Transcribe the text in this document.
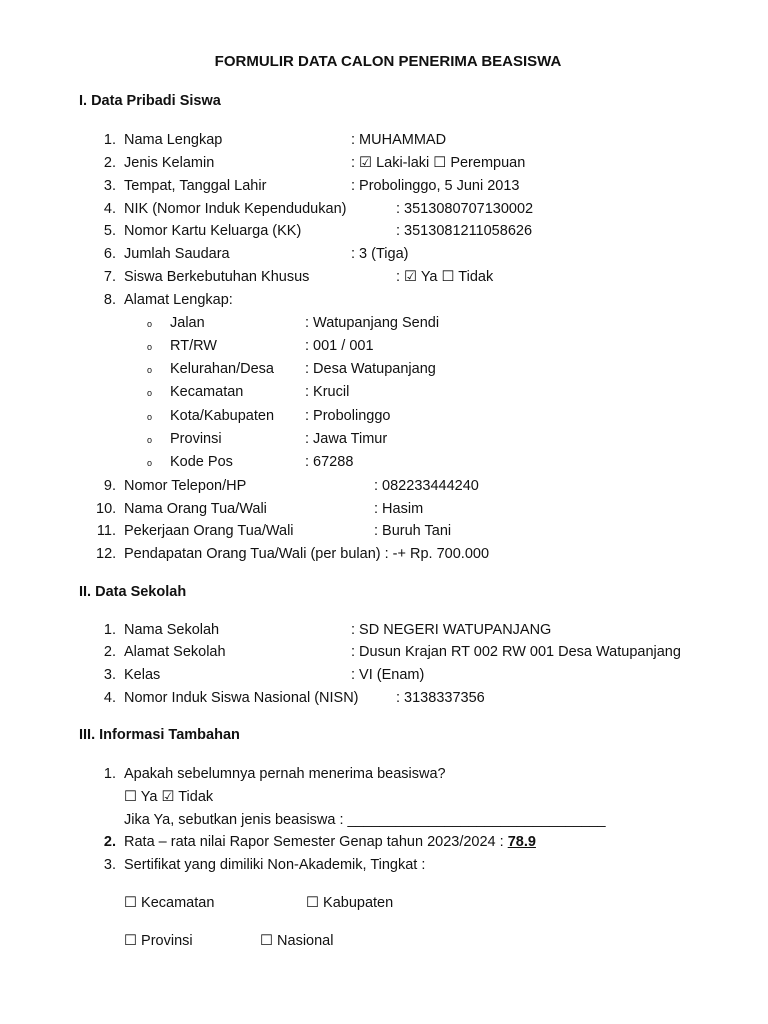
FORMULIR DATA CALON PENERIMA BEASISWA
I. Data Pribadi Siswa
1. Nama Lengkap	: MUHAMMAD
2. Jenis Kelamin	: ☑ Laki-laki ☐ Perempuan
3. Tempat, Tanggal Lahir	: Probolinggo, 5 Juni 2013
4. NIK (Nomor Induk Kependudukan)	: 3513080707130002
5. Nomor Kartu Keluarga (KK)	: 3513081211058626
6. Jumlah Saudara	: 3 (Tiga)
7. Siswa Berkebutuhan Khusus	: ☑ Ya ☐ Tidak
8. Alamat Lengkap:
o Jalan	: Watupanjang Sendi
o RT/RW	: 001 / 001
o Kelurahan/Desa : Desa Watupanjang
o Kecamatan	: Krucil
o Kota/Kabupaten : Probolinggo
o Provinsi	: Jawa Timur
o Kode Pos	: 67288
9. Nomor Telepon/HP	: 082233444240
10. Nama Orang Tua/Wali	: Hasim
11. Pekerjaan Orang Tua/Wali	: Buruh Tani
12. Pendapatan Orang Tua/Wali (per bulan) : -+ Rp. 700.000
II. Data Sekolah
1. Nama Sekolah	: SD NEGERI WATUPANJANG
2. Alamat Sekolah	: Dusun Krajan RT 002 RW 001 Desa Watupanjang
3. Kelas	: VI (Enam)
4. Nomor Induk Siswa Nasional (NISN)	: 3138337356
III. Informasi Tambahan
1. Apakah sebelumnya pernah menerima beasiswa?
☐ Ya ☑ Tidak
Jika Ya, sebutkan jenis beasiswa : ________________________________
2. Rata – rata nilai Rapor Semester Genap tahun 2023/2024 : 78.9
3. Sertifikat yang dimiliki Non-Akademik, Tingkat :
☐ Kecamatan	☐ Kabupaten
☐ Provinsi	☐ Nasional
